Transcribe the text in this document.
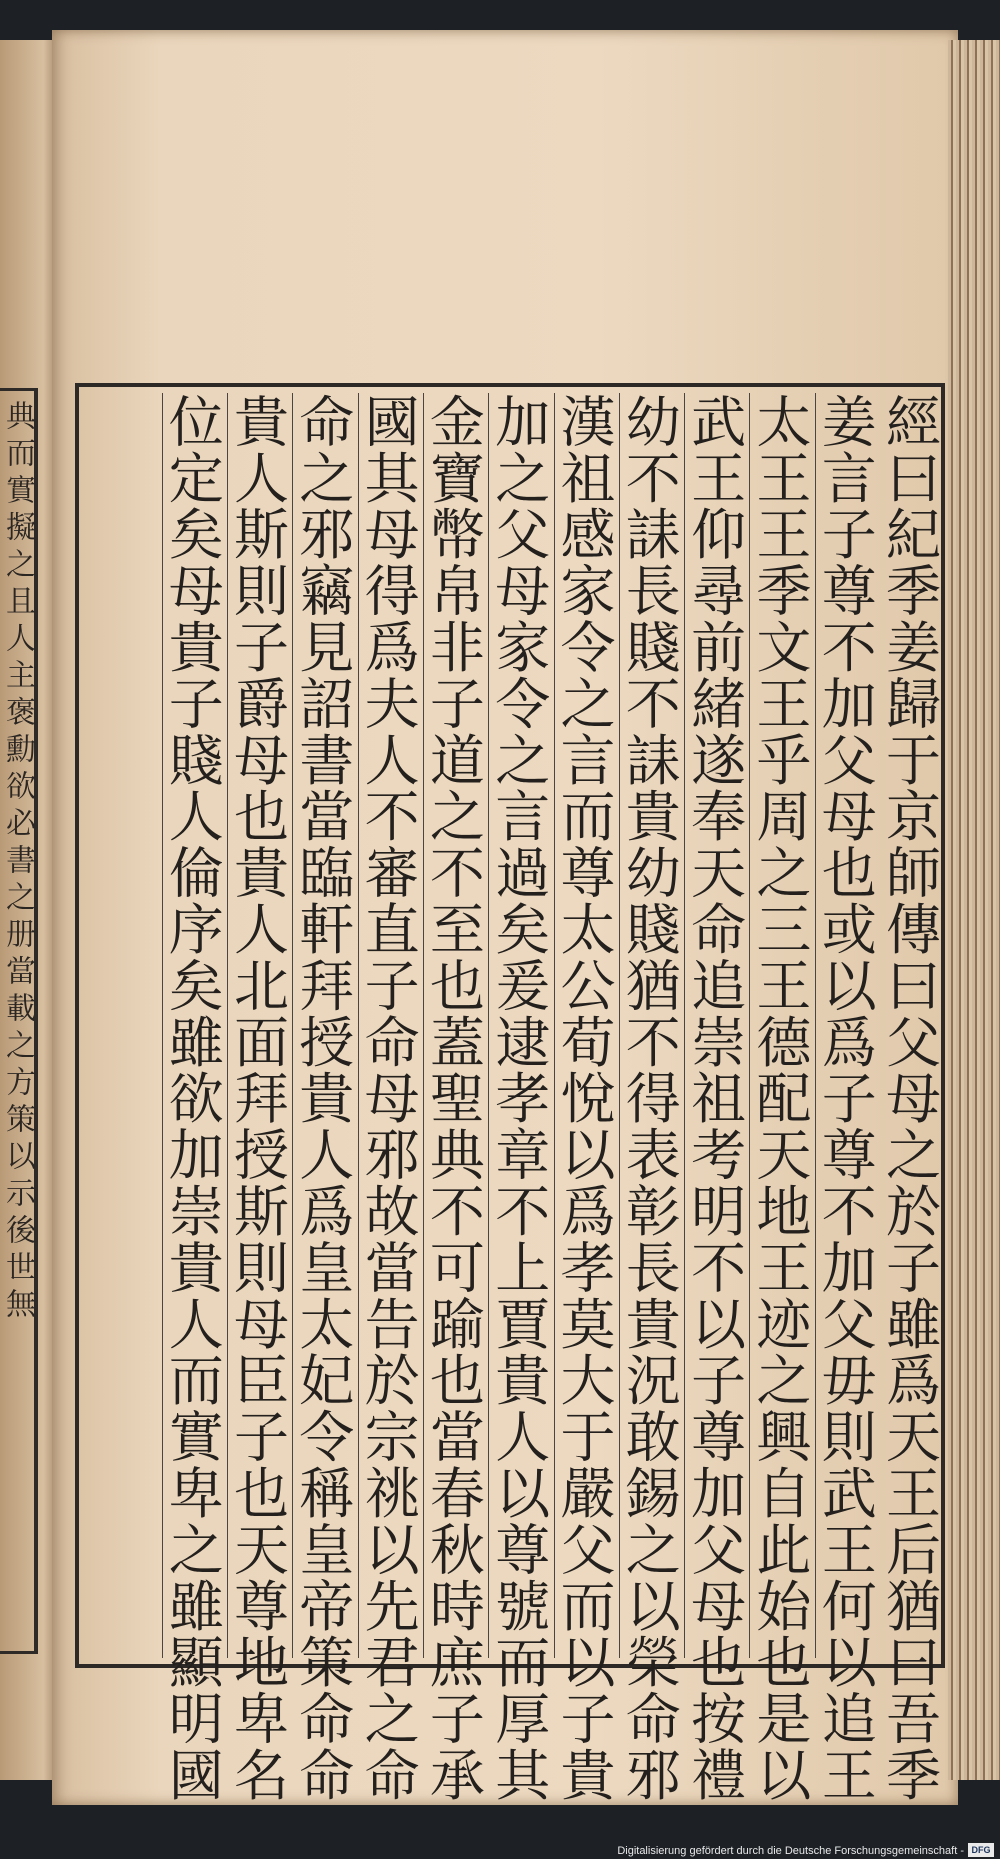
典而實擬之且人主褒勳欲必書之册當載之方策以示後世無	經曰紀季姜歸于京師傳曰父母之於子雖爲天王后猶曰吾季
姜言子尊不加父母也或以爲子尊不加父毋則武王何以追王
太王王季文王乎周之三王德配天地王迹之興自此始也是以
武王仰尋前緒遂奉天命追崇祖考明不以子尊加父母也按禮
幼不誄長賤不誄貴幼賤猶不得表彰長貴況敢錫之以榮命邪
漢祖感家令之言而尊太公荀悅以爲孝莫大于嚴父而以子貴
加之父母家令之言過矣爰逮孝章不上賈貴人以尊號而厚其
金寶幣帛非子道之不至也蓋聖典不可踰也當春秋時庶子承
國其母得爲夫人不審直子命母邪故當告於宗祧以先君之命
命之邪竊見詔書當臨軒拜授貴人爲皇太妃令稱皇帝策命命
貴人斯則子爵母也貴人北面拜授斯則母臣子也天尊地卑名
位定矣母貴子賤人倫序矣雖欲加崇貴人而實卑之雖顯明國
Digitalisierung gefördert durch die Deutsche Forschungsgemeinschaft - DFG
